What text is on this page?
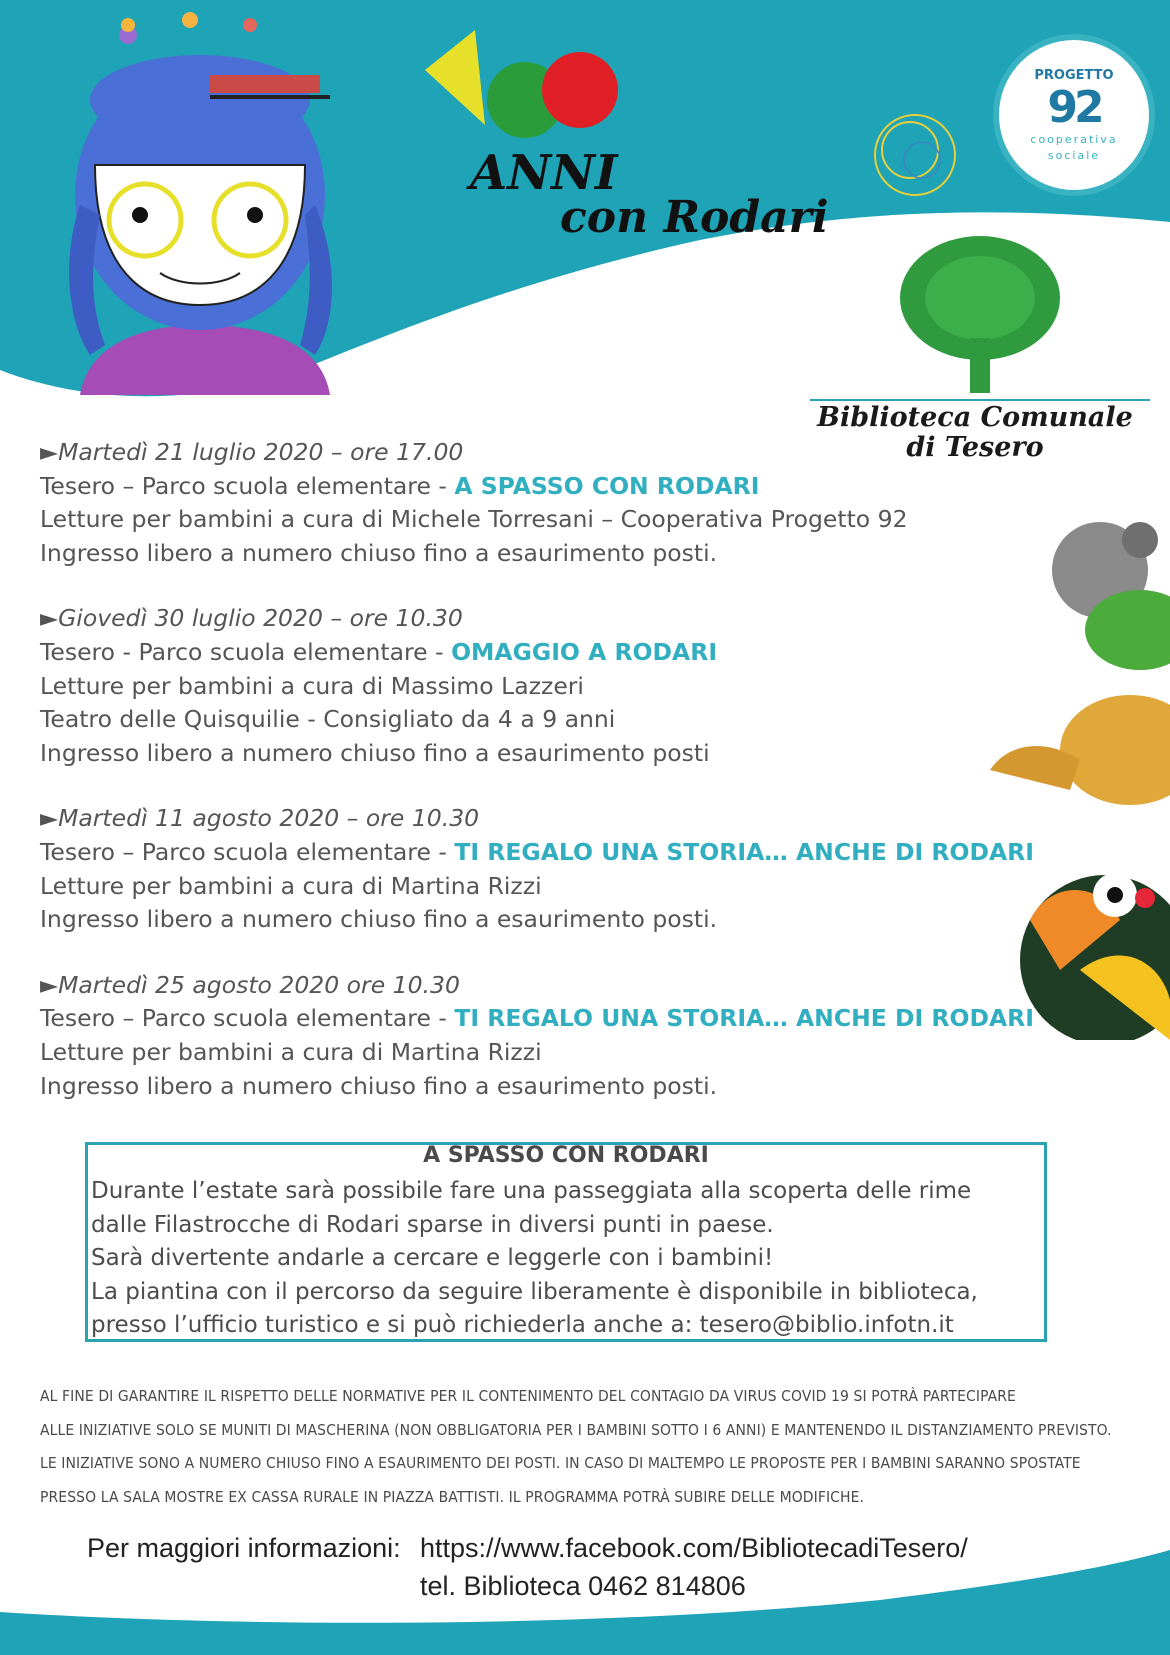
ANNI
con Rodari
PROGETTO
92
cooperativa
sociale
Biblioteca Comunale
di Tesero
►Martedì 21 luglio 2020 – ore 17.00
Tesero – Parco scuola elementare - A SPASSO CON RODARI
Letture per bambini a cura di Michele Torresani – Cooperativa Progetto 92
Ingresso libero a numero chiuso fino a esaurimento posti.
►Giovedì 30 luglio 2020 – ore 10.30
Tesero - Parco scuola elementare - OMAGGIO A RODARI
Letture per bambini a cura di Massimo Lazzeri
Teatro delle Quisquilie - Consigliato da 4 a 9 anni
Ingresso libero a numero chiuso fino a esaurimento posti
►Martedì 11 agosto 2020 – ore 10.30
Tesero – Parco scuola elementare - TI REGALO UNA STORIA… ANCHE DI RODARI
Letture per bambini a cura di Martina Rizzi
Ingresso libero a numero chiuso fino a esaurimento posti.
►Martedì 25 agosto 2020 ore 10.30
Tesero – Parco scuola elementare - TI REGALO UNA STORIA… ANCHE DI RODARI
Letture per bambini a cura di Martina Rizzi
Ingresso libero a numero chiuso fino a esaurimento posti.
A SPASSO CON RODARI
Durante l’estate sarà possibile fare una passeggiata alla scoperta delle rime
dalle Filastrocche di Rodari sparse in diversi punti in paese.
Sarà divertente andarle a cercare e leggerle con i bambini!
La piantina con il percorso da seguire liberamente è disponibile in biblioteca,
presso l’ufficio turistico e si può richiederla anche a: tesero@biblio.infotn.it
AL FINE DI GARANTIRE IL RISPETTO DELLE NORMATIVE PER IL CONTENIMENTO DEL CONTAGIO DA VIRUS COVID 19 SI POTRÀ PARTECIPARE
ALLE INIZIATIVE SOLO SE MUNITI DI MASCHERINA (NON OBBLIGATORIA PER I BAMBINI SOTTO I 6 ANNI) E MANTENENDO IL DISTANZIAMENTO PREVISTO.
LE INIZIATIVE SONO A NUMERO CHIUSO FINO A ESAURIMENTO DEI POSTI. IN CASO DI MALTEMPO LE PROPOSTE PER I BAMBINI SARANNO SPOSTATE
PRESSO LA SALA MOSTRE EX CASSA RURALE IN PIAZZA BATTISTI. IL PROGRAMMA POTRÀ SUBIRE DELLE MODIFICHE.
Per maggiori informazioni: https://www.facebook.com/BibliotecadiTesero/
tel. Biblioteca 0462 814806
